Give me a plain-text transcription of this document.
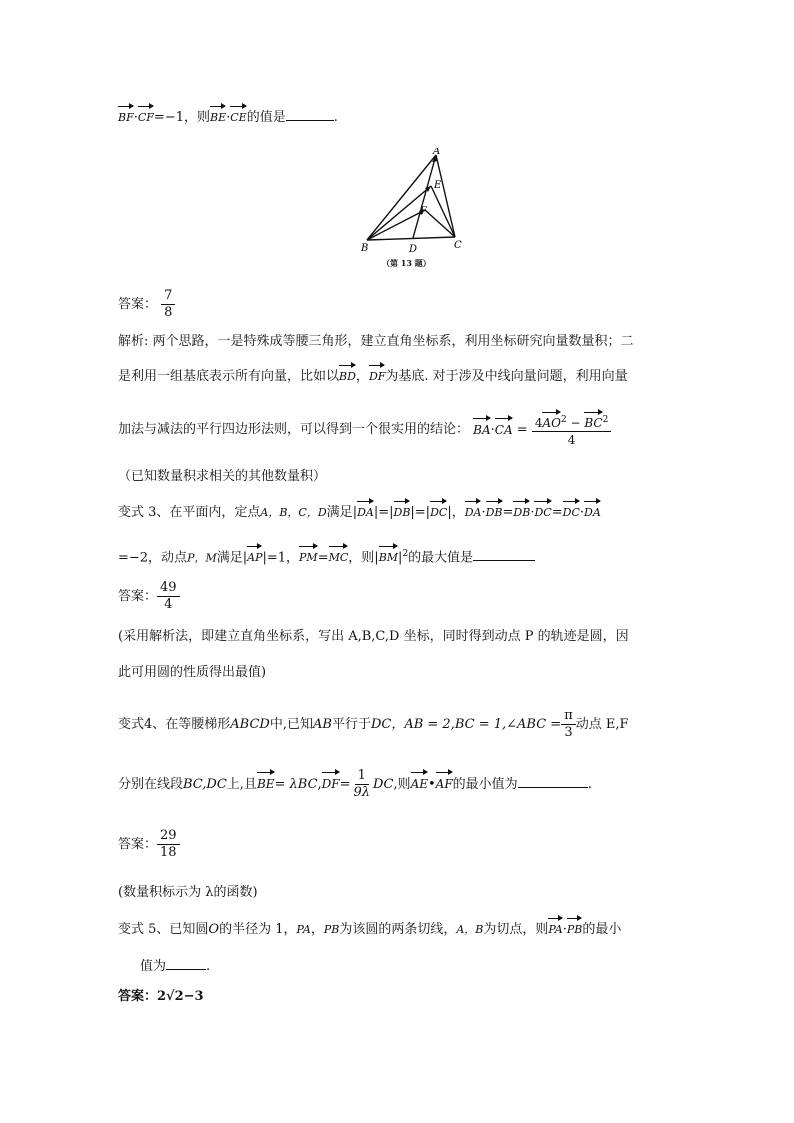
BF·CF=−1，则BE·CE的值是	.
A
E
F
B	D	C
（第 13 题）
答案： $\frac{7}{8}$
解析: 两个思路，一是特殊成等腰三角形，建立直角坐标系，利用坐标研究向量数量积；二
是利用一组基底表示所有向量，比如以BD，DF为基底. 对于涉及中线向量问题，利用向量
加法与减法的平行四边形法则，可以得到一个很实用的结论： $BA\cdot CA = \frac{4AO^2 - BC^2}{4}$
（已知数量积求相关的其他数量积）
变式 3、在平面内，定点A，B，C，D满足|DA|=|DB|=|DC|，DA·DB=DB·DC=DC·DA
=−2，动点P，M满足|AP|=1，PM=MC，则$|BM|^2$的最大值是
答案： $\frac{49}{4}$
(采用解析法，即建立直角坐标系，写出 A,B,C,D 坐标，同时得到动点 P 的轨迹是圆，因
此可用圆的性质得出最值)
变式4、在等腰梯形ABCD中,已知AB平行于DC，AB = 2,BC = 1,∠ABC = $\frac{\pi}{3}$ 动点 E,F
分别在线段BC,DC上,且$BE= \lambda BC,DF= \frac{1}{9\lambda}$ DC,则AE•AF的最小值为	.
答案： $\frac{29}{18}$
(数量积标示为 λ的函数)
变式 5、已知圆O的半径为 1，PA，PB为该圆的两条切线，A，B为切点，则PA·PB的最小
值为	.
答案：2√2−3
